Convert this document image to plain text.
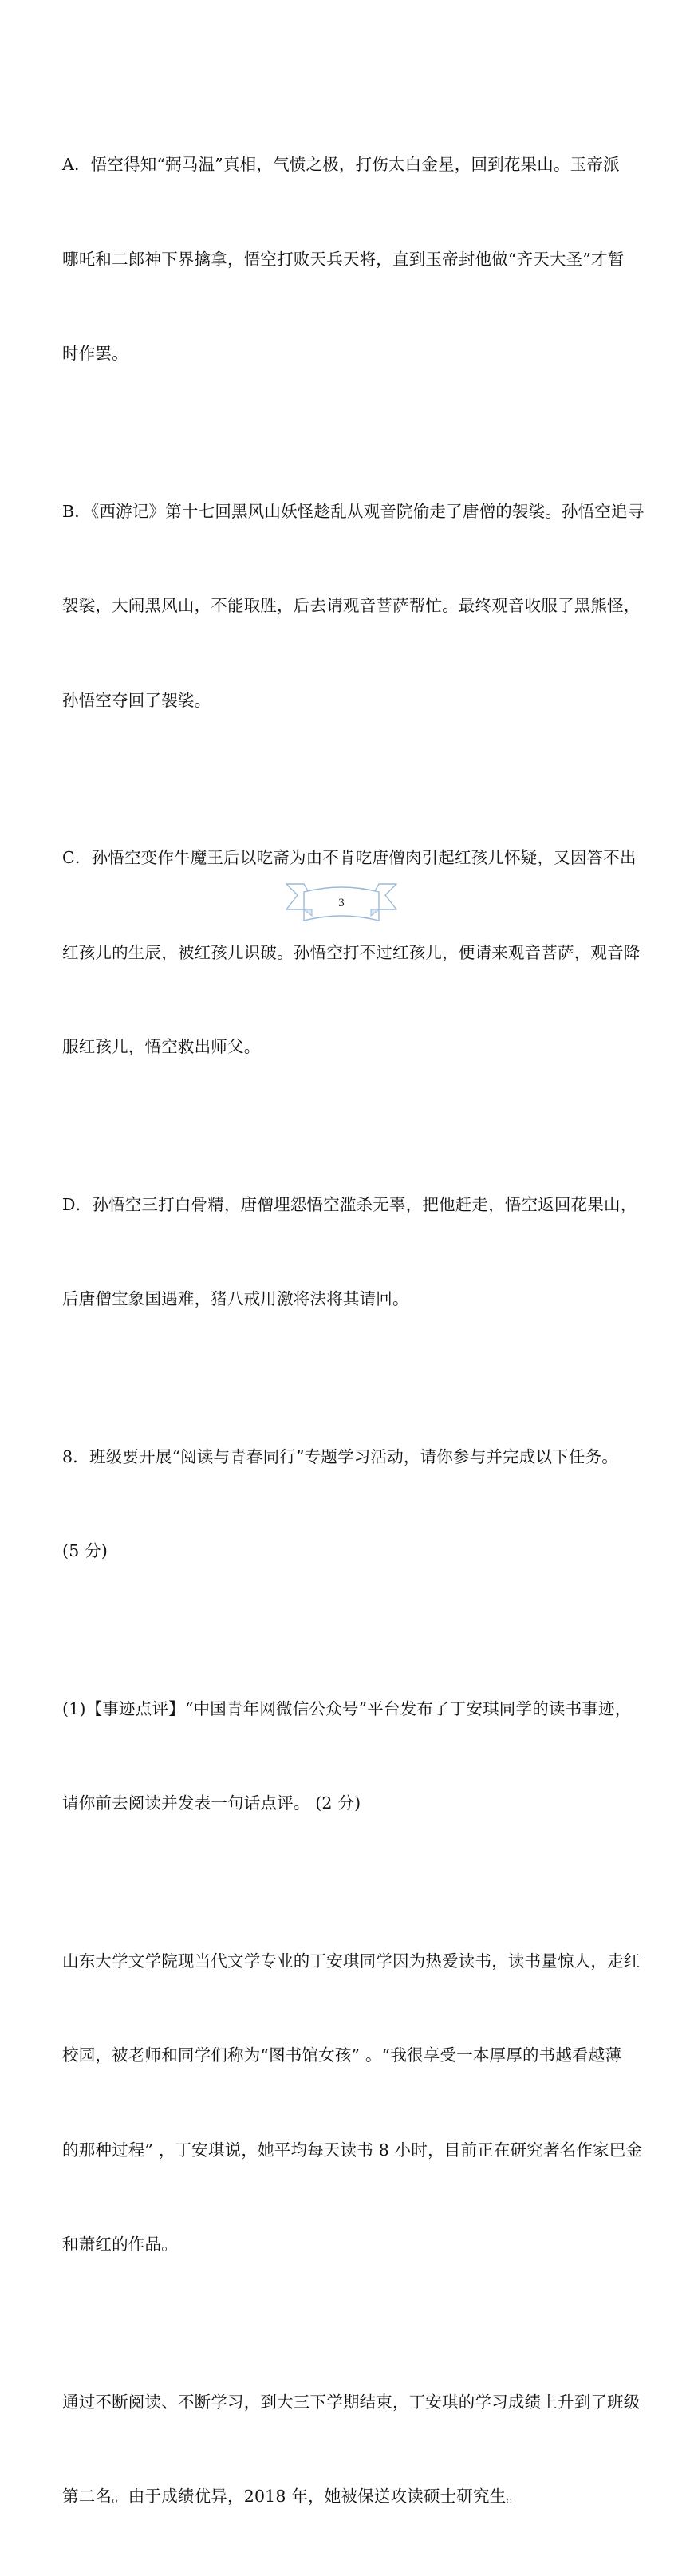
A．悟空得知“弼马温”真相，气愤之极，打伤太白金星，回到花果山。玉帝派

哪吒和二郎神下界擒拿，悟空打败天兵天将，直到玉帝封他做“齐天大圣”才暂

时作罢。

B．《西游记》第十七回黑风山妖怪趁乱从观音院偷走了唐僧的袈裟。孙悟空追寻

袈裟，大闹黑风山，不能取胜，后去请观音菩萨帮忙。最终观音收服了黑熊怪，

孙悟空夺回了袈裟。

C．孙悟空变作牛魔王后以吃斋为由不肯吃唐僧肉引起红孩儿怀疑，又因答不出

红孩儿的生辰，被红孩儿识破。孙悟空打不过红孩儿，便请来观音菩萨，观音降

服红孩儿，悟空救出师父。

D．孙悟空三打白骨精，唐僧埋怨悟空滥杀无辜，把他赶走，悟空返回花果山，

后唐僧宝象国遇难，猪八戒用激将法将其请回。

8．班级要开展“阅读与青春同行”专题学习活动，请你参与并完成以下任务。

(5 分)

(1)【事迹点评】“中国青年网微信公众号”平台发布了丁安琪同学的读书事迹，

请你前去阅读并发表一句话点评。 (2 分)

山东大学文学院现当代文学专业的丁安琪同学因为热爱读书，读书量惊人，走红

校园，被老师和同学们称为“图书馆女孩” 。“我很享受一本厚厚的书越看越薄

的那种过程” ，丁安琪说，她平均每天读书 8 小时，目前正在研究著名作家巴金

和萧红的作品。

通过不断阅读、不断学习，到大三下学期结束，丁安琪的学习成绩上升到了班级

第二名。由于成绩优异，2018 年，她被保送攻读硕士研究生。

3
